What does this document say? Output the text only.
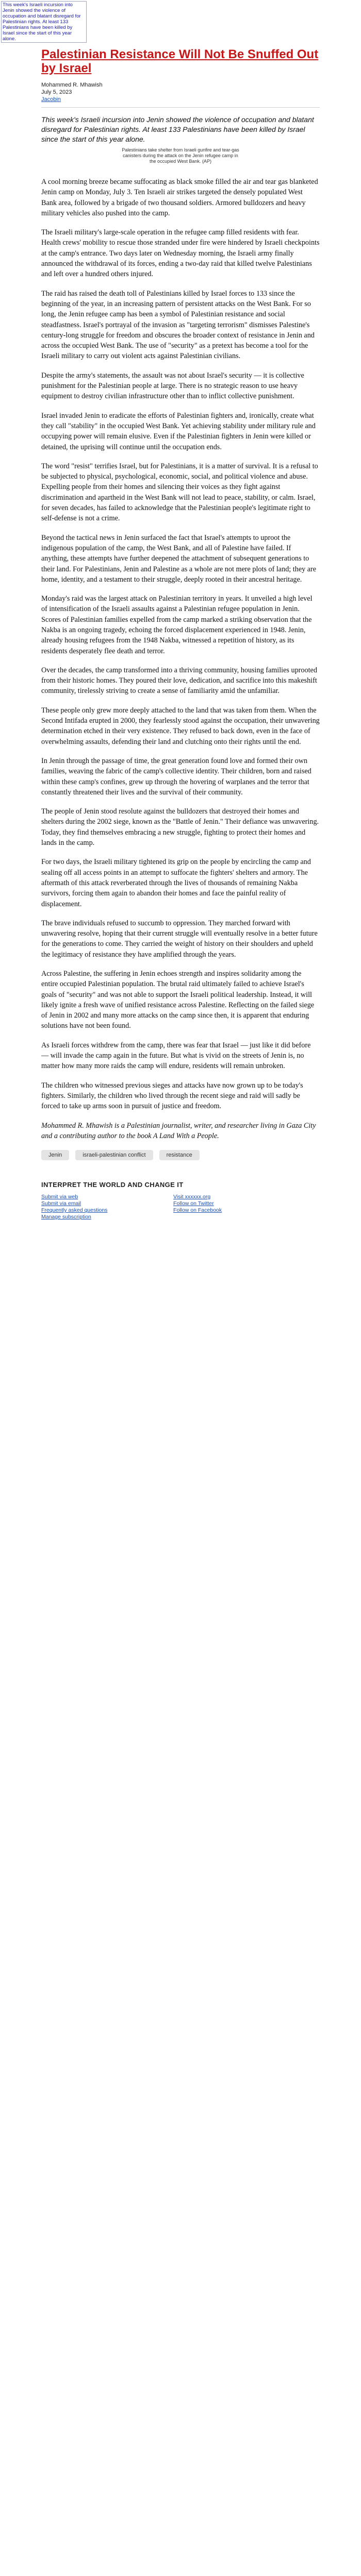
This week's Israeli incursion into Jenin showed the violence of occupation and blatant disregard for Palestinian rights. At least 133 Palestinians have been killed by Israel since the start of this year alone.
Palestinian Resistance Will Not Be Snuffed Out by Israel
Mohammed R. Mhawish
July 5, 2023
Jacobin

This week's Israeli incursion into Jenin showed the violence of occupation and blatant disregard for Palestinian rights. At least 133 Palestinians have been killed by Israel since the start of this year alone.

Palestinians take shelter from Israeli gunfire and tear-gas canisters during the attack on the Jenin refugee camp in the occupied West Bank. (AP)

A cool morning breeze became suffocating as black smoke filled the air and tear gas blanketed Jenin camp on Monday, July 3. Ten Israeli air strikes targeted the densely populated West Bank area, followed by a brigade of two thousand soldiers. Armored bulldozers and heavy military vehicles also pushed into the camp.

The Israeli military's large-scale operation in the refugee camp filled residents with fear. Health crews' mobility to rescue those stranded under fire were hindered by Israeli checkpoints at the camp's entrance. Two days later on Wednesday morning, the Israeli army finally announced the withdrawal of its forces, ending a two-day raid that killed twelve Palestinians and left over a hundred others injured.

The raid has raised the death toll of Palestinians killed by Israel forces to 133 since the beginning of the year, in an increasing pattern of persistent attacks on the West Bank. For so long, the Jenin refugee camp has been a symbol of Palestinian resistance and social steadfastness. Israel's portrayal of the invasion as "targeting terrorism" dismisses Palestine's century-long struggle for freedom and obscures the broader context of resistance in Jenin and across the occupied West Bank. The use of "security" as a pretext has become a tool for the Israeli military to carry out violent acts against Palestinian civilians.

Despite the army's statements, the assault was not about Israel's security — it is collective punishment for the Palestinian people at large. There is no strategic reason to use heavy equipment to destroy civilian infrastructure other than to inflict collective punishment.

Israel invaded Jenin to eradicate the efforts of Palestinian fighters and, ironically, create what they call "stability" in the occupied West Bank. Yet achieving stability under military rule and occupying power will remain elusive. Even if the Palestinian fighters in Jenin were killed or detained, the uprising will continue until the occupation ends.

The word "resist" terrifies Israel, but for Palestinians, it is a matter of survival. It is a refusal to be subjected to physical, psychological, economic, social, and political violence and abuse. Expelling people from their homes and silencing their voices as they fight against discrimination and apartheid in the West Bank will not lead to peace, stability, or calm. Israel, for seven decades, has failed to acknowledge that the Palestinian people's legitimate right to self-defense is not a crime.

Beyond the tactical news in Jenin surfaced the fact that Israel's attempts to uproot the indigenous population of the camp, the West Bank, and all of Palestine have failed. If anything, these attempts have further deepened the attachment of subsequent generations to their land. For Palestinians, Jenin and Palestine as a whole are not mere plots of land; they are home, identity, and a testament to their struggle, deeply rooted in their ancestral heritage.

Monday's raid was the largest attack on Palestinian territory in years. It unveiled a high level of intensification of the Israeli assaults against a Palestinian refugee population in Jenin. Scores of Palestinian families expelled from the camp marked a striking observation that the Nakba is an ongoing tragedy, echoing the forced displacement experienced in 1948. Jenin, already housing refugees from the 1948 Nakba, witnessed a repetition of history, as its residents desperately flee death and terror.

Over the decades, the camp transformed into a thriving community, housing families uprooted from their historic homes. They poured their love, dedication, and sacrifice into this makeshift community, tirelessly striving to create a sense of familiarity amid the unfamiliar.

These people only grew more deeply attached to the land that was taken from them. When the Second Intifada erupted in 2000, they fearlessly stood against the occupation, their unwavering determination etched in their very existence. They refused to back down, even in the face of overwhelming assaults, defending their land and clutching onto their rights until the end.

In Jenin through the passage of time, the great generation found love and formed their own families, weaving the fabric of the camp's collective identity. Their children, born and raised within these camp's confines, grew up through the hovering of warplanes and the terror that constantly threatened their lives and the survival of their community.

The people of Jenin stood resolute against the bulldozers that destroyed their homes and shelters during the 2002 siege, known as the "Battle of Jenin." Their defiance was unwavering. Today, they find themselves embracing a new struggle, fighting to protect their homes and lands in the camp.

For two days, the Israeli military tightened its grip on the people by encircling the camp and sealing off all access points in an attempt to suffocate the fighters' shelters and armory. The aftermath of this attack reverberated through the lives of thousands of remaining Nakba survivors, forcing them again to abandon their homes and face the painful reality of displacement.

The brave individuals refused to succumb to oppression. They marched forward with unwavering resolve, hoping that their current struggle will eventually resolve in a better future for the generations to come. They carried the weight of history on their shoulders and upheld the legitimacy of resistance they have amplified through the years.

Across Palestine, the suffering in Jenin echoes strength and inspires solidarity among the entire occupied Palestinian population. The brutal raid ultimately failed to achieve Israel's goals of "security" and was not able to support the Israeli political leadership. Instead, it will likely ignite a fresh wave of unified resistance across Palestine. Reflecting on the failed siege of Jenin in 2002 and many more attacks on the camp since then, it is apparent that enduring solutions have not been found.

As Israeli forces withdrew from the camp, there was fear that Israel — just like it did before — will invade the camp again in the future. But what is vivid on the streets of Jenin is, no matter how many more raids the camp will endure, residents will remain unbroken.

The children who witnessed previous sieges and attacks have now grown up to be today's fighters. Similarly, the children who lived through the recent siege and raid will sadly be forced to take up arms soon in pursuit of justice and freedom.

Mohammed R. Mhawish is a Palestinian journalist, writer, and researcher living in Gaza City and a contributing author to the book A Land With a People.

Jenin	israeli-palestinian conflict	resistance
INTERPRET THE WORLD AND CHANGE IT
Submit via web
Submit via email
Frequently asked questions
Manage subscription
Visit xxxxxx.org
Follow on Twitter
Follow on Facebook
